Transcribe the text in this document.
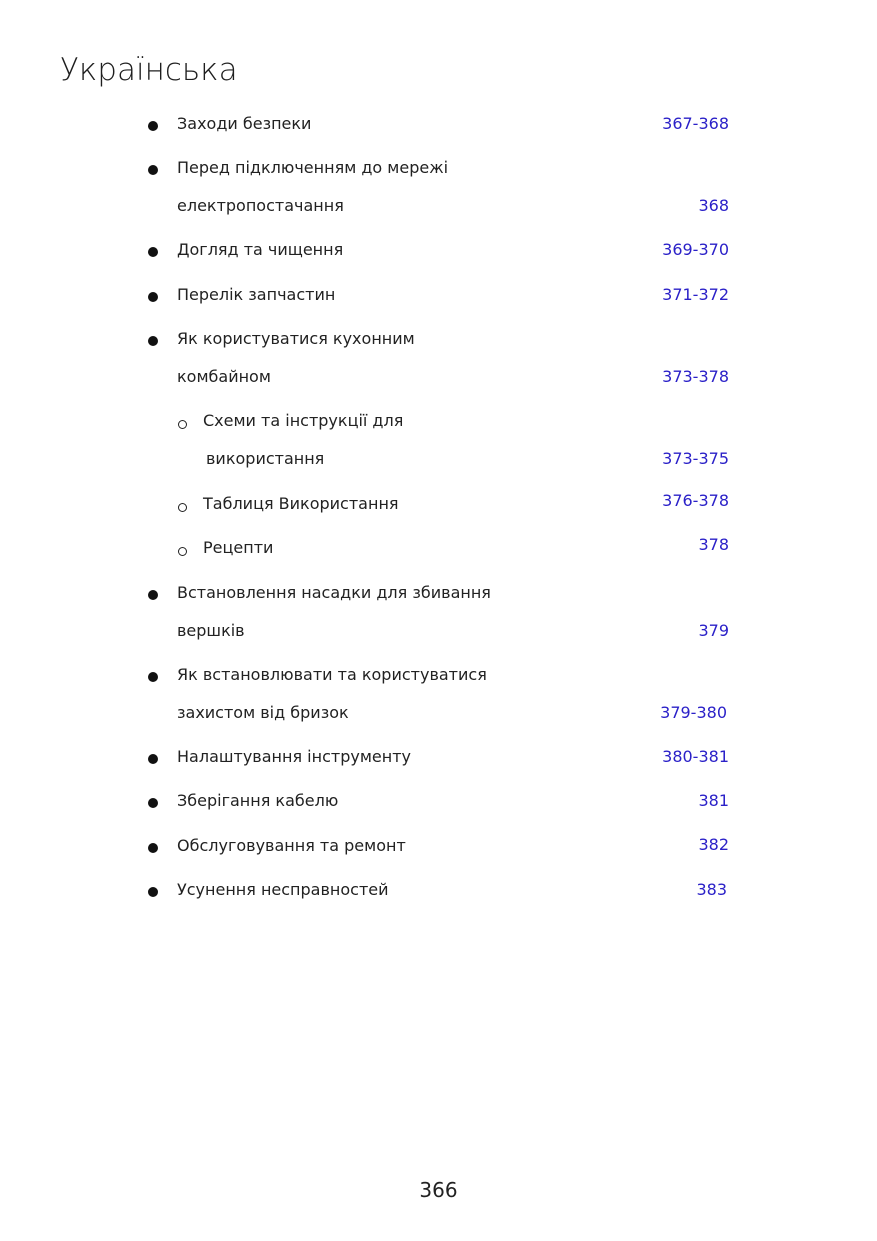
Українська
Заходи безпеки	367-368
Перед підключенням до мережі
електропостачання	368
Догляд та чищення	369-370
Перелік запчастин	371-372
Як користуватися кухонним
комбайном	373-378
Схеми та інструкції для
використання	373-375
Таблиця Використання	376-378
Рецепти	378
Встановлення насадки для збивання
вершків	379
Як встановлювати та користуватися
захистом від бризок	379-380
Налаштування інструменту	380-381
Зберігання кабелю	381
Обслуговування та ремонт	382
Усунення несправностей	383
366
